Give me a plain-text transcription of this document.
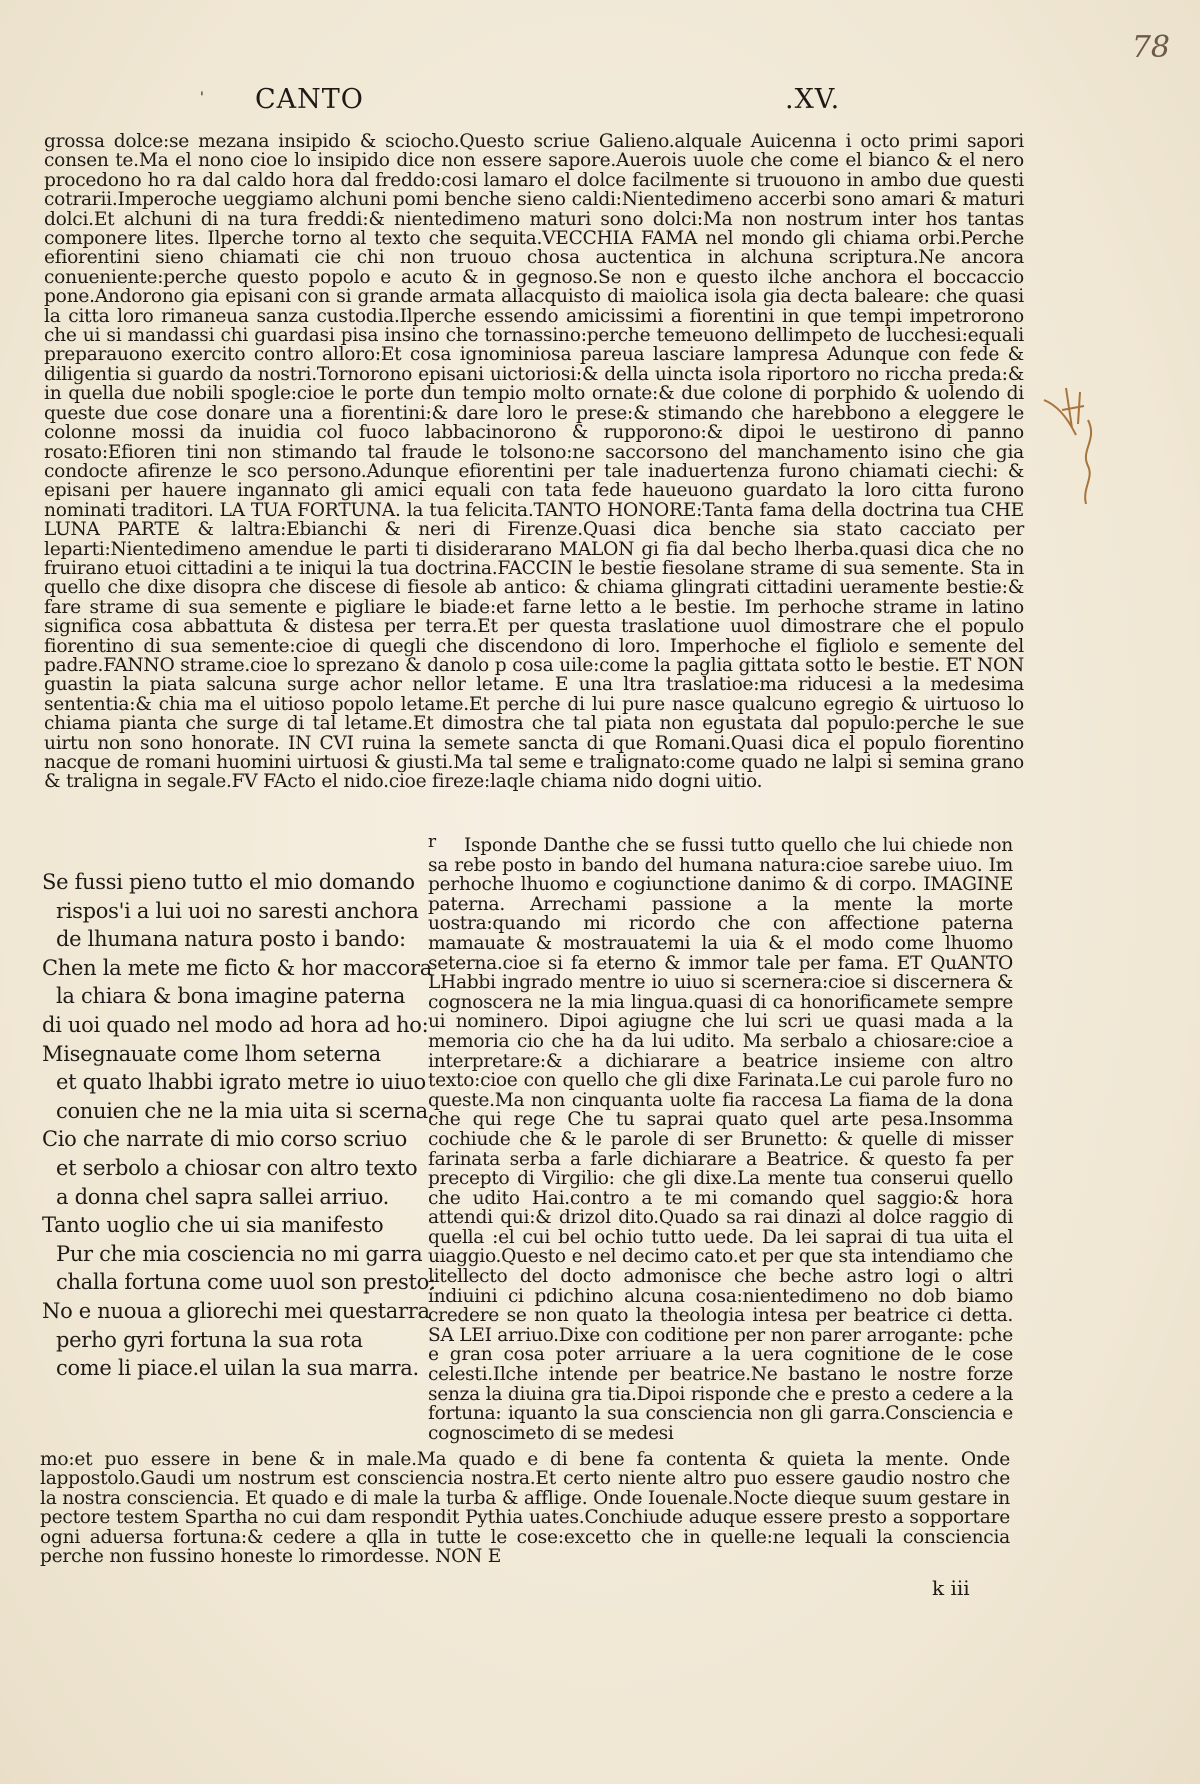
78
' CANTO	.XV.

grossa dolce:se mezana insipido & sciocho.Questo scriue Galieno.alquale Auicenna i octo primi sapori consen te.Ma el nono cioe lo insipido dice non essere sapore.Auerois uuole che come el bianco & el nero procedono ho ra dal caldo hora dal freddo:cosi lamaro el dolce facilmente si truouono in ambo due questi cotrarii.Imperoche ueggiamo alchuni pomi benche sieno caldi:Nientedimeno accerbi sono amari & maturi dolci.Et alchuni di na tura freddi:& nientedimeno maturi sono dolci:Ma non nostrum inter hos tantas componere lites. Ilperche torno al texto che sequita.VECCHIA FAMA nel mondo gli chiama orbi.Perche efiorentini sieno chiamati cie chi non truouo chosa auctentica in alchuna scriptura.Ne ancora conueniente:perche questo popolo e acuto & in gegnoso.Se non e questo ilche anchora el boccaccio pone.Andorono gia episani con si grande armata allacquisto di maiolica isola gia decta baleare: che quasi la citta loro rimaneua sanza custodia.Ilperche essendo amicissimi a fiorentini in que tempi impetrorono che ui si mandassi chi guardasi pisa insino che tornassino:perche temeuono dellimpeto de lucchesi:equali preparauono exercito contro alloro:Et cosa ignominiosa pareua lasciare lampresa Adunque con fede & diligentia si guardo da nostri.Tornorono episani uictoriosi:& della uincta isola riportoro no riccha preda:& in quella due nobili spogle:cioe le porte dun tempio molto ornate:& due colone di porphido & uolendo di queste due cose donare una a fiorentini:& dare loro le prese:& stimando che harebbono a eleggere le colonne mossi da inuidia col fuoco labbacinorono & rupporono:& dipoi le uestirono di panno rosato:Efioren tini non stimando tal fraude le tolsono:ne saccorsono del manchamento isino che gia condocte afirenze le sco persono.Adunque efiorentini per tale inaduertenza furono chiamati ciechi: & episani per hauere ingannato gli amici equali con tata fede haueuono guardato la loro citta furono nominati traditori. LA TUA FORTUNA. la tua felicita.TANTO HONORE:Tanta fama della doctrina tua CHE LUNA PARTE & laltra:Ebianchi & neri di Firenze.Quasi dica benche sia stato cacciato per leparti:Nientedimeno amendue le parti ti disiderarano MALON gi fia dal becho lherba.quasi dica che no fruirano etuoi cittadini a te iniqui la tua doctrina.FACCIN le bestie fiesolane strame di sua semente. Sta in quello che dixe disopra che discese di fiesole ab antico: & chiama glingrati cittadini ueramente bestie:& fare strame di sua semente e pigliare le biade:et farne letto a le bestie. Im perhoche strame in latino significa cosa abbattuta & distesa per terra.Et per questa traslatione uuol dimostrare che el populo fiorentino di sua semente:cioe di quegli che discendono di loro. Imperhoche el figliolo e semente del padre.FANNO strame.cioe lo sprezano & danolo p cosa uile:come la paglia gittata sotto le bestie. ET NON guastin la piata salcuna surge achor nellor letame. E una ltra traslatioe:ma riducesi a la medesima sententia:& chia ma el uitioso popolo letame.Et perche di lui pure nasce qualcuno egregio & uirtuoso lo chiama pianta che surge di tal letame.Et dimostra che tal piata non egustata dal populo:perche le sue uirtu non sono honorate. IN CVI ruina la semete sancta di que Romani.Quasi dica el populo fiorentino nacque de romani huomini uirtuosi & giusti.Ma tal seme e tralignato:come quado ne lalpi si semina grano & traligna in segale.FV FActo el nido.cioe fireze:laqle chiama nido dogni uitio.

r
Se fussi pieno tutto el mio domando
rispos'i a lui uoi no saresti anchora
de lhumana natura posto i bando:
Chen la mete me ficto & hor maccora
la chiara & bona imagine paterna
di uoi quado nel modo ad hora ad ho:
Misegnauate come lhom seterna
et quato lhabbi igrato metre io uiuo
conuien che ne la mia uita si scerna.
Cio che narrate di mio corso scriuo
et serbolo a chiosar con altro texto
a donna chel sapra sallei arriuo.
Tanto uoglio che ui sia manifesto
Pur che mia cosciencia no mi garra
challa fortuna come uuol son presto:
No e nuoua a gliorechi mei questarra
perho gyri fortuna la sua rota
come li piace.el uilan la sua marra.

Isponde Danthe che se fussi tutto quello che lui chiede non sa rebe posto in bando del humana natura:cioe sarebe uiuo. Im perhoche lhuomo e cogiunctione danimo & di corpo. IMAGINE paterna. Arrechami passione a la mente la morte uostra:quando mi ricordo che con affectione paterna mamauate & mostrauatemi la uia & el modo come lhuomo seterna.cioe si fa eterno & immor tale per fama. ET QuANTO LHabbi ingrado mentre io uiuo si scernera:cioe si discernera & cognoscera ne la mia lingua.quasi di ca honorificamete sempre ui nominero. Dipoi agiugne che lui scri ue quasi mada a la memoria cio che ha da lui udito. Ma serbalo a chiosare:cioe a interpretare:& a dichiarare a beatrice insieme con altro texto:cioe con quello che gli dixe Farinata.Le cui parole furo no queste.Ma non cinquanta uolte fia raccesa La fiama de la dona che qui rege Che tu saprai quato quel arte pesa.Insomma cochiude che & le parole di ser Brunetto: & quelle di misser farinata serba a farle dichiarare a Beatrice. & questo fa per precepto di Virgilio: che gli dixe.La mente tua conserui quello che udito Hai.contro a te mi comando quel saggio:& hora attendi qui:& drizol dito.Quado sa rai dinazi al dolce raggio di quella :el cui bel ochio tutto uede. Da lei saprai di tua uita el uiaggio.Questo e nel decimo cato.et per que sta intendiamo che litellecto del docto admonisce che beche astro logi o altri indiuini ci pdichino alcuna cosa:nientedimeno no dob biamo credere se non quato la theologia intesa per beatrice ci detta. SA LEI arriuo.Dixe con coditione per non parer arrogante: pche e gran cosa poter arriuare a la uera cognitione de le cose celesti.Ilche intende per beatrice.Ne bastano le nostre forze senza la diuina gra tia.Dipoi risponde che e presto a cedere a la fortuna: iquanto la sua consciencia non gli garra.Consciencia e cognoscimeto di se medesi

mo:et puo essere in bene & in male.Ma quado e di bene fa contenta & quieta la mente. Onde lappostolo.Gaudi um nostrum est consciencia nostra.Et certo niente altro puo essere gaudio nostro che la nostra consciencia. Et quado e di male la turba & afflige. Onde Iouenale.Nocte dieque suum gestare in pectore testem Spartha no cui dam respondit Pythia uates.Conchiude aduque essere presto a sopportare ogni aduersa fortuna:& cedere a qlla in tutte le cose:excetto che in quelle:ne lequali la consciencia perche non fussino honeste lo rimordesse. NON E

k iii
